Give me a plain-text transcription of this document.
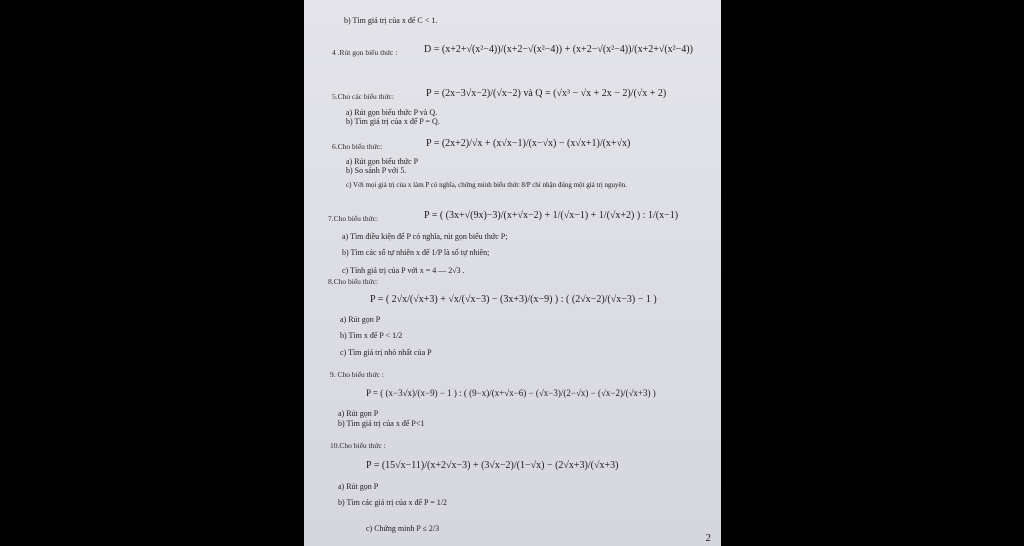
b) Tìm giá trị của x để C < 1.
4 .Rút gọn biểu thức :	D = (x+2+√(x²−4))/(x+2−√(x²−4)) + (x+2−√(x²−4))/(x+2+√(x²−4))
5.Cho các biểu thức:	P = (2x−3√x−2)/(√x−2) và Q = (√x³ − √x + 2x − 2)/(√x + 2)
a) Rút gọn biểu thức P và Q.
b) Tìm giá trị của x để P = Q.
6.Cho biểu thức:	P = (2x+2)/√x + (x√x−1)/(x−√x) − (x√x+1)/(x+√x)
a) Rút gọn biểu thức P
b) So sánh P với 5.
c) Với mọi giá trị của x làm P có nghĩa, chứng minh biểu thức 8/P chỉ nhận đúng một giá trị nguyên.
7.Cho biểu thức:	P = ( (3x+√(9x)−3)/(x+√x−2) + 1/(√x−1) + 1/(√x+2) ) : 1/(x−1)
a) Tìm điều kiện để P có nghĩa, rút gọn biểu thức P;
b) Tìm các số tự nhiên x để 1/P là số tự nhiên;
c) Tính giá trị của P với x = 4 — 2√3 .
8.Cho biểu thức:
P = ( 2√x/(√x+3) + √x/(√x−3) − (3x+3)/(x−9) ) : ( (2√x−2)/(√x−3) − 1 )
a) Rút gọn P
b) Tìm x để P < 1/2
c) Tìm giá trị nhỏ nhất của P
9. Cho biểu thức :
P = ( (x−3√x)/(x−9) − 1 ) : ( (9−x)/(x+√x−6) − (√x−3)/(2−√x) − (√x−2)/(√x+3) )
a) Rút gọn P
b) Tìm giá trị của x để P<1
10.Cho biểu thức :
P = (15√x−11)/(x+2√x−3) + (3√x−2)/(1−√x) − (2√x+3)/(√x+3)
a) Rút gọn P
b) Tìm các giá trị của x để P = 1/2
c) Chứng minh P ≤ 2/3
2
